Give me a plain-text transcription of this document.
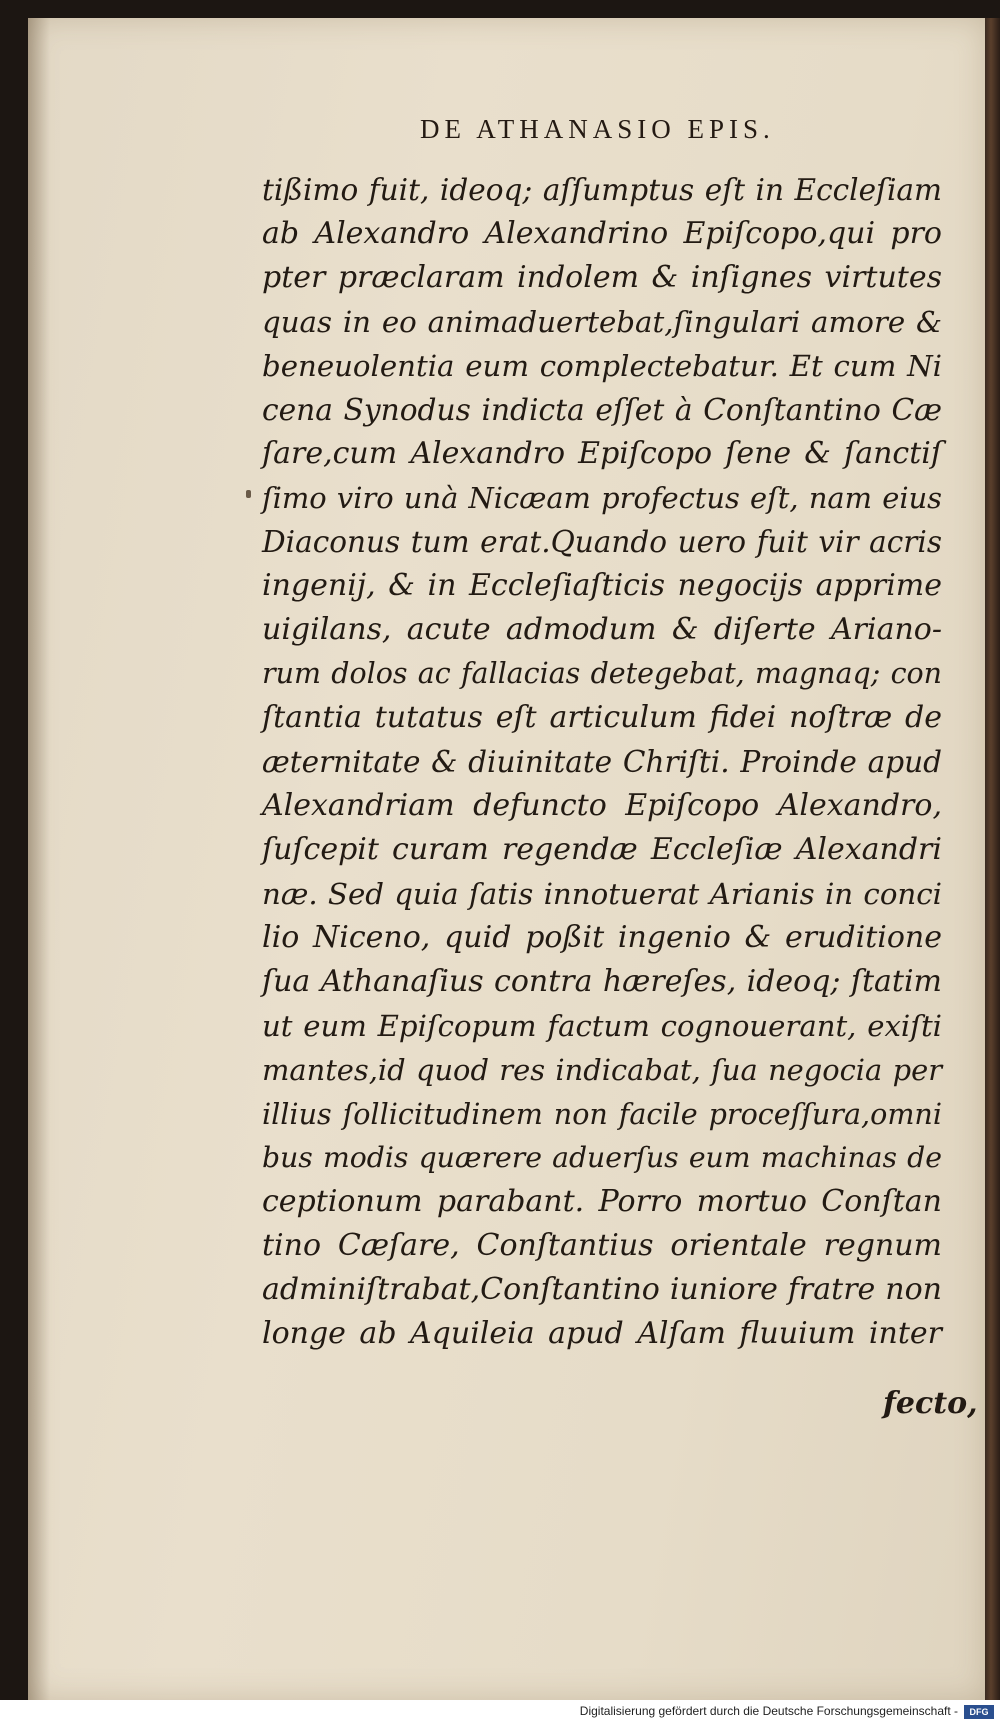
DE ATHANASIO EPIS.

tißimo fuit, ideoq; aſſumptus eſt in Eccleſiam
ab Alexandro Alexandrino Epiſcopo,qui pro
pter præclaram indolem & inſignes virtutes
quas in eo animaduertebat,ſingulari amore &
beneuolentia eum complectebatur. Et cum Ni
cena Synodus indicta eſſet à Conſtantino Cæ
ſare,cum Alexandro Epiſcopo ſene & ſanctiſ
ſimo viro unà Nicæam profectus eſt, nam eius
Diaconus tum erat.Quando uero fuit vir acris
ingenij, & in Eccleſiaſticis negocijs apprime
uigilans, acute admodum & diſerte Ariano-
rum dolos ac fallacias detegebat, magnaq; con
ſtantia tutatus eſt articulum fidei noſtræ de
æternitate & diuinitate Chriſti. Proinde apud
Alexandriam defuncto Epiſcopo Alexandro,
ſuſcepit curam regendæ Eccleſiæ Alexandri
næ. Sed quia ſatis innotuerat Arianis in conci
lio Niceno, quid poßit ingenio & eruditione
ſua Athanaſius contra hæreſes, ideoq; ſtatim
ut eum Epiſcopum factum cognouerant, exiſti
mantes,id quod res indicabat, ſua negocia per
illius ſollicitudinem non facile proceſſura,omni
bus modis quærere aduerſus eum machinas de
ceptionum parabant. Porro mortuo Conſtan
tino Cæſare, Conſtantius orientale regnum
adminiſtrabat,Conſtantino iuniore fratre non
longe ab Aquileia apud Alſam fluuium inter
fecto,
Digitalisierung gefördert durch die Deutsche Forschungsgemeinschaft -	DFG
